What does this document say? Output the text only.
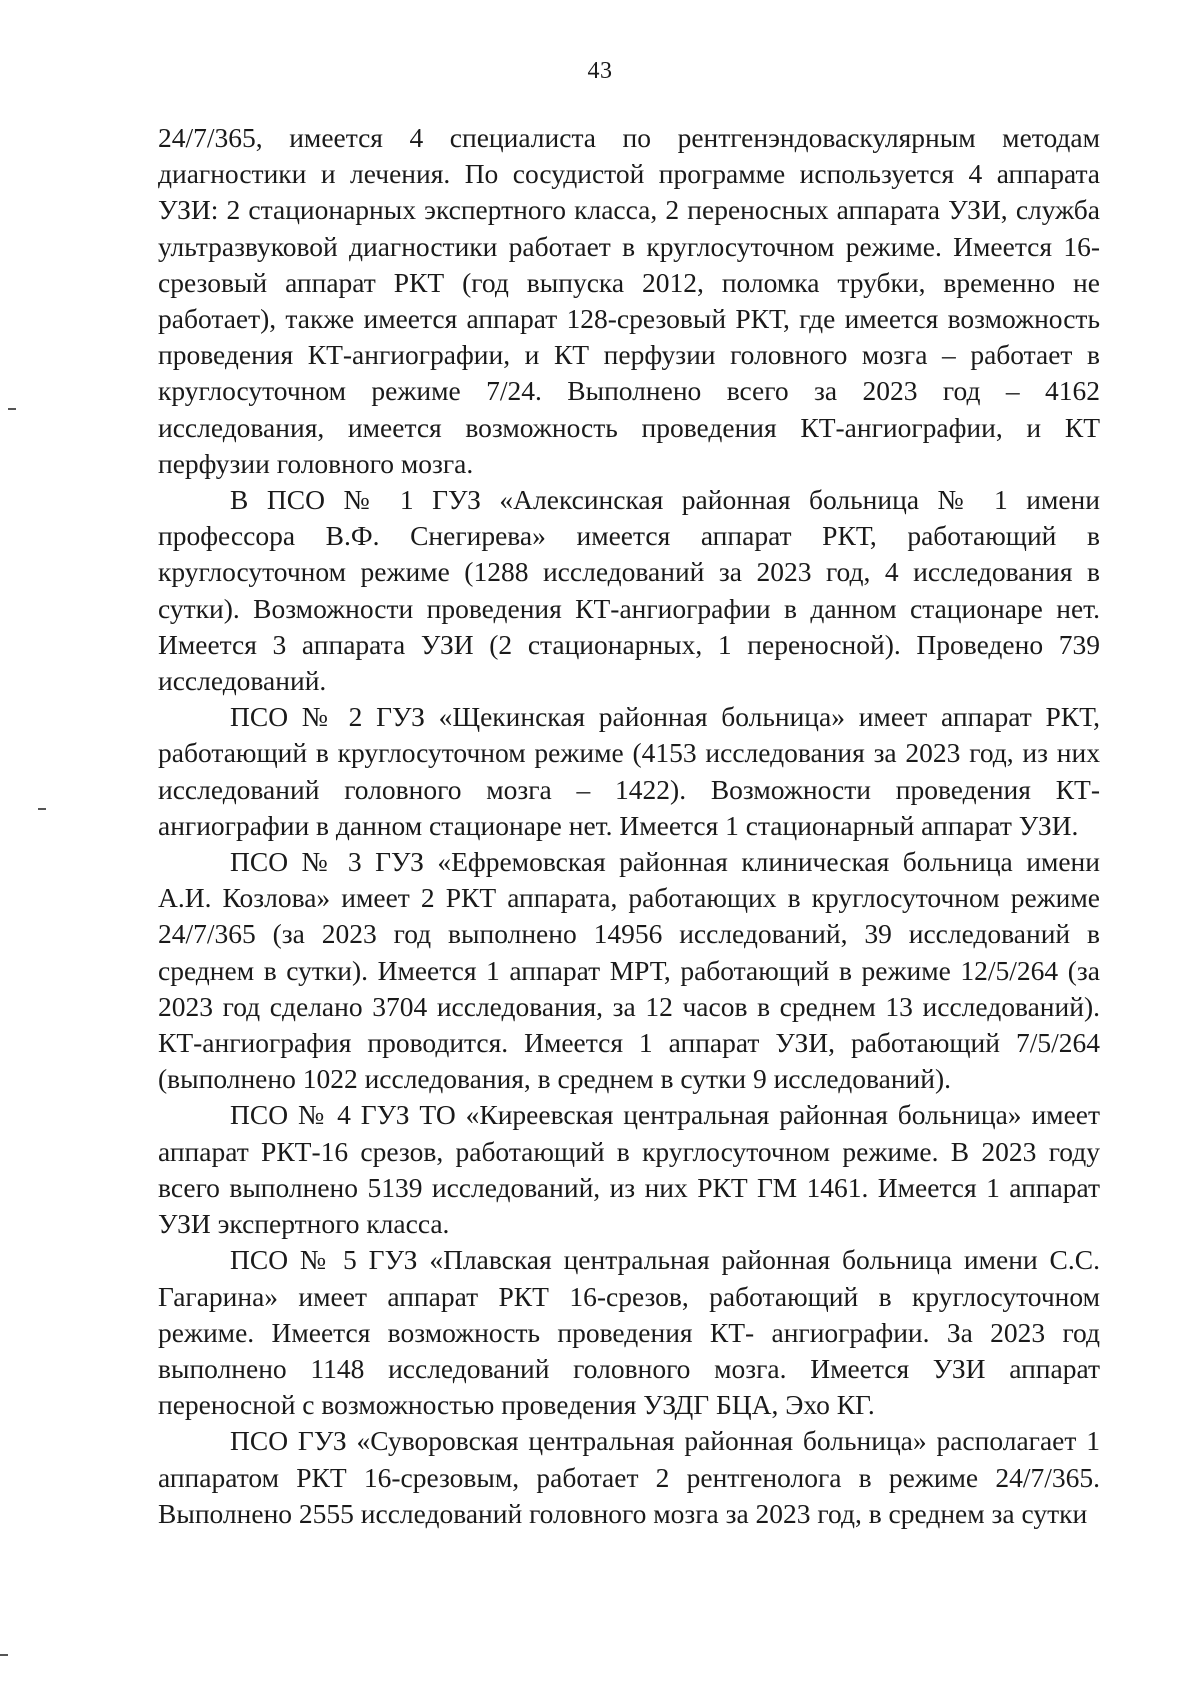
43

24/7/365, имеется 4 специалиста по рентгенэндоваскулярным методам диагностики и лечения. По сосудистой программе используется 4 аппарата УЗИ: 2 стационарных экспертного класса, 2 переносных аппарата УЗИ, служба ультразвуковой диагностики работает в круглосуточном режиме. Имеется 16-срезовый аппарат РКТ (год выпуска 2012, поломка трубки, временно не работает), также имеется аппарат 128-срезовый РКТ, где имеется возможность проведения КТ-ангиографии, и КТ перфузии головного мозга – работает в круглосуточном режиме 7/24. Выполнено всего за 2023 год – 4162 исследования, имеется возможность проведения КТ-ангиографии, и КТ перфузии головного мозга.

В ПСО № 1 ГУЗ «Алексинская районная больница № 1 имени профессора В.Ф. Снегирева» имеется аппарат РКТ, работающий в круглосуточном режиме (1288 исследований за 2023 год, 4 исследования в сутки). Возможности проведения КТ-ангиографии в данном стационаре нет. Имеется 3 аппарата УЗИ (2 стационарных, 1 переносной). Проведено 739 исследований.

ПСО № 2 ГУЗ «Щекинская районная больница» имеет аппарат РКТ, работающий в круглосуточном режиме (4153 исследования за 2023 год, из них исследований головного мозга – 1422). Возможности проведения КТ-ангиографии в данном стационаре нет. Имеется 1 стационарный аппарат УЗИ.

ПСО № 3 ГУЗ «Ефремовская районная клиническая больница имени А.И. Козлова» имеет 2 РКТ аппарата, работающих в круглосуточном режиме 24/7/365 (за 2023 год выполнено 14956 исследований, 39 исследований в среднем в сутки). Имеется 1 аппарат МРТ, работающий в режиме 12/5/264 (за 2023 год сделано 3704 исследования, за 12 часов в среднем 13 исследований). КТ-ангиография проводится. Имеется 1 аппарат УЗИ, работающий 7/5/264 (выполнено 1022 исследования, в среднем в сутки 9 исследований).

ПСО № 4 ГУЗ ТО «Киреевская центральная районная больница» имеет аппарат РКТ-16 срезов, работающий в круглосуточном режиме. В 2023 году всего выполнено 5139 исследований, из них РКТ ГМ 1461. Имеется 1 аппарат УЗИ экспертного класса.

ПСО № 5 ГУЗ «Плавская центральная районная больница имени С.С. Гагарина» имеет аппарат РКТ 16-срезов, работающий в круглосуточном режиме. Имеется возможность проведения КТ- ангиографии. За 2023 год выполнено 1148 исследований головного мозга. Имеется УЗИ аппарат переносной с возможностью проведения УЗДГ БЦА, Эхо КГ.

ПСО ГУЗ «Суворовская центральная районная больница» располагает 1 аппаратом РКТ 16-срезовым, работает 2 рентгенолога в режиме 24/7/365. Выполнено 2555 исследований головного мозга за 2023 год, в среднем за сутки
